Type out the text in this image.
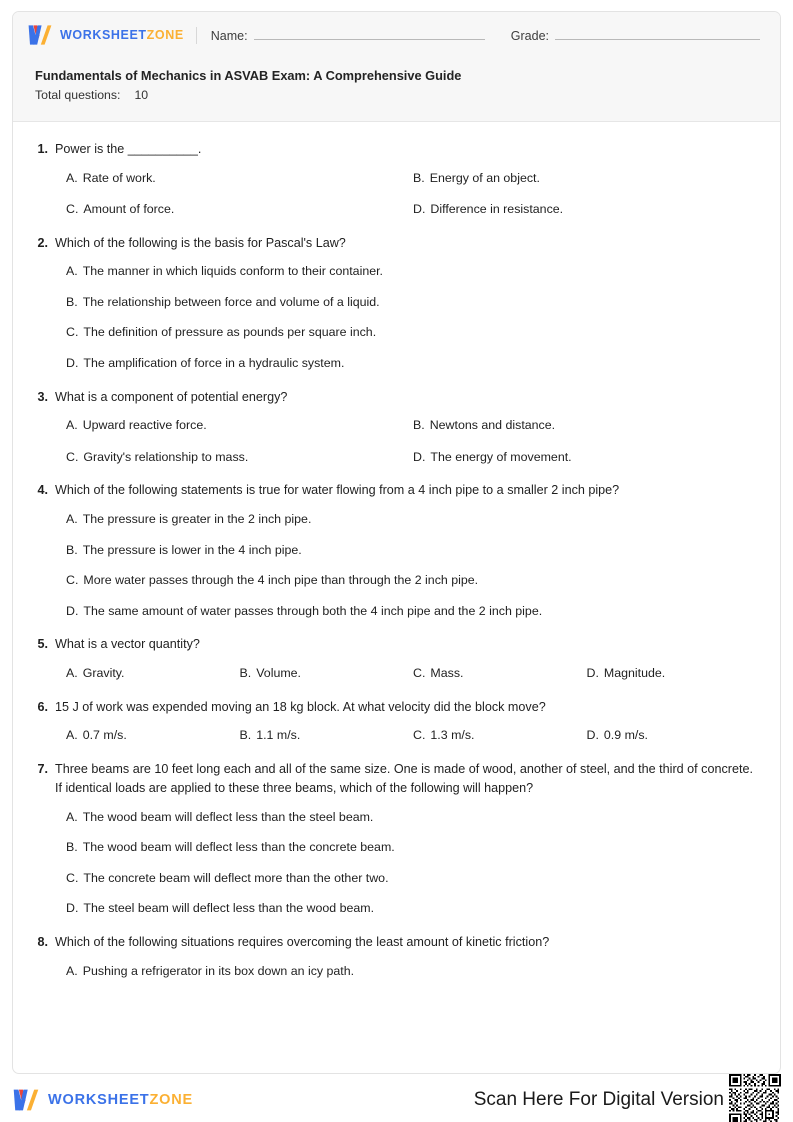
WORKSHEETZONE Name:	Grade:
Fundamentals of Mechanics in ASVAB Exam: A Comprehensive Guide
Total questions: 10
1. Power is the __________.
A. Rate of work.	B. Energy of an object.
C. Amount of force.	D. Difference in resistance.
2. Which of the following is the basis for Pascal's Law?
A. The manner in which liquids conform to their container.
B. The relationship between force and volume of a liquid.
C. The definition of pressure as pounds per square inch.
D. The amplification of force in a hydraulic system.
3. What is a component of potential energy?
A. Upward reactive force.	B. Newtons and distance.
C. Gravity's relationship to mass.	D. The energy of movement.
4. Which of the following statements is true for water flowing from a 4 inch pipe to a smaller 2 inch pipe?
A. The pressure is greater in the 2 inch pipe.
B. The pressure is lower in the 4 inch pipe.
C. More water passes through the 4 inch pipe than through the 2 inch pipe.
D. The same amount of water passes through both the 4 inch pipe and the 2 inch pipe.
5. What is a vector quantity?
A. Gravity.	B. Volume.	C. Mass.	D. Magnitude.
6. 15 J of work was expended moving an 18 kg block. At what velocity did the block move?
A. 0.7 m/s.	B. 1.1 m/s.	C. 1.3 m/s.	D. 0.9 m/s.
7. Three beams are 10 feet long each and all of the same size. One is made of wood, another of steel, and the third of concrete. If identical loads are applied to these three beams, which of the following will happen?
A. The wood beam will deflect less than the steel beam.
B. The wood beam will deflect less than the concrete beam.
C. The concrete beam will deflect more than the other two.
D. The steel beam will deflect less than the wood beam.
8. Which of the following situations requires overcoming the least amount of kinetic friction?
A. Pushing a refrigerator in its box down an icy path.
WORKSHEETZONE	Scan Here For Digital Version
